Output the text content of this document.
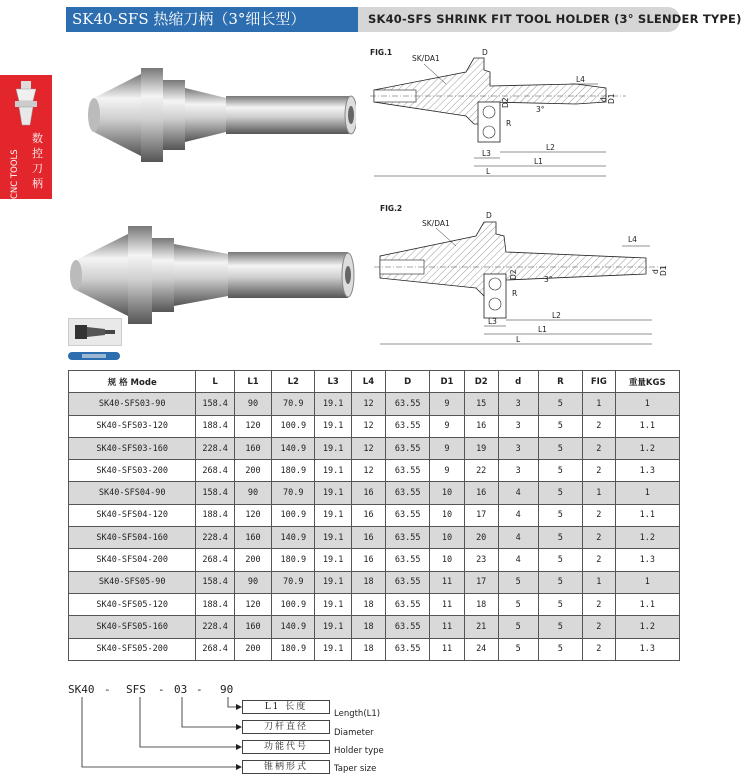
SK40-SFS 热缩刀柄（3°细长型）	SK40-SFS SHRINK FIT TOOL HOLDER (3° SLENDER TYPE)
CNC TOOLS
数控刀柄
FIG.1
SK/DA1
D
L4
D1
d
D2
3°
R
L3
L2
L1
L
FIG.2
SK/DA1
D
L4
D1
d
D2	3°
R
L3
L2
L1
L
规 格 Mode	L	L1	L2	L3	L4	D	D1	D2	d	R	FIG	重量KGS
SK40-SFS03-90	158.4	90	70.9	19.1	12	63.55	9	15	3	5	1	1
SK40-SFS03-120	188.4	120	100.9	19.1	12	63.55	9	16	3	5	2	1.1
SK40-SFS03-160	228.4	160	140.9	19.1	12	63.55	9	19	3	5	2	1.2
SK40-SFS03-200	268.4	200	180.9	19.1	12	63.55	9	22	3	5	2	1.3
SK40-SFS04-90	158.4	90	70.9	19.1	16	63.55	10	16	4	5	1	1
SK40-SFS04-120	188.4	120	100.9	19.1	16	63.55	10	17	4	5	2	1.1
SK40-SFS04-160	228.4	160	140.9	19.1	16	63.55	10	20	4	5	2	1.2
SK40-SFS04-200	268.4	200	180.9	19.1	16	63.55	10	23	4	5	2	1.3
SK40-SFS05-90	158.4	90	70.9	19.1	18	63.55	11	17	5	5	1	1
SK40-SFS05-120	188.4	120	100.9	19.1	18	63.55	11	18	5	5	2	1.1
SK40-SFS05-160	228.4	160	140.9	19.1	18	63.55	11	21	5	5	2	1.2
SK40-SFS05-200	268.4	200	180.9	19.1	18	63.55	11	24	5	5	2	1.3
SK40 - SFS - 03 - 90
L1 长度
Length(L1)
刀杆直径
Diameter
功能代号	Holder type
锥柄形式	Taper size
